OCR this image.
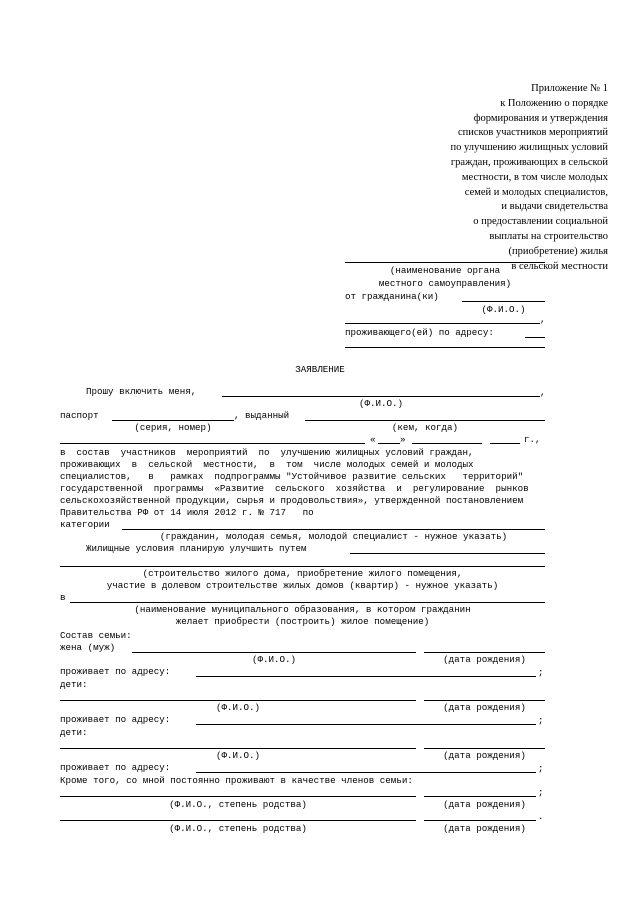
Приложение № 1
к Положению о порядке
формирования и утверждения
списков участников мероприятий
по улучшению жилищных условий
граждан, проживающих в сельской
местности, в том числе молодых
семей и молодых специалистов,
и выдачи свидетельства
о предоставлении социальной
выплаты на строительство
(приобретение) жилья
в сельской местности
(наименование органа
местного самоуправления)
от гражданина(ки)
(Ф.И.О.)
,
проживающего(ей) по адресу:
ЗАЯВЛЕНИЕ
Прошу включить меня,	,
(Ф.И.О.)
паспорт	, выданный
(серия, номер)	(кем, когда)
«	»	г.,
в  состав  участников  мероприятий  по  улучшению жилищных условий граждан,
проживающих  в  сельской  местности,  в  том  числе молодых семей и молодых
специалистов,   в   рамках  подпрограммы "Устойчивое развитие сельских   территорий"
государственной  программы  «Развитие  сельского  хозяйства  и  регулирование  рынков
сельскохозяйственной продукции, сырья и продовольствия», утвержденной постановлением
Правительства РФ от 14 июля 2012 г. № 717   по
категории
(гражданин, молодая семья, молодой специалист - нужное указать)
Жилищные условия планирую улучшить путем
(строительство жилого дома, приобретение жилого помещения,
участие в долевом строительстве жилых домов (квартир) - нужное указать)
в
(наименование муниципального образования, в котором гражданин
желает приобрести (построить) жилое помещение)
Состав семьи:
жена (муж)
(Ф.И.О.)	(дата рождения)
проживает по адресу:	;
дети:
(Ф.И.О.)	(дата рождения)
проживает по адресу:	;
дети:
(Ф.И.О.)	(дата рождения)
проживает по адресу:	;
Кроме того, со мной постоянно проживают в качестве членов семьи:
;
(Ф.И.О., степень родства)	(дата рождения)
.
(Ф.И.О., степень родства)	(дата рождения)
